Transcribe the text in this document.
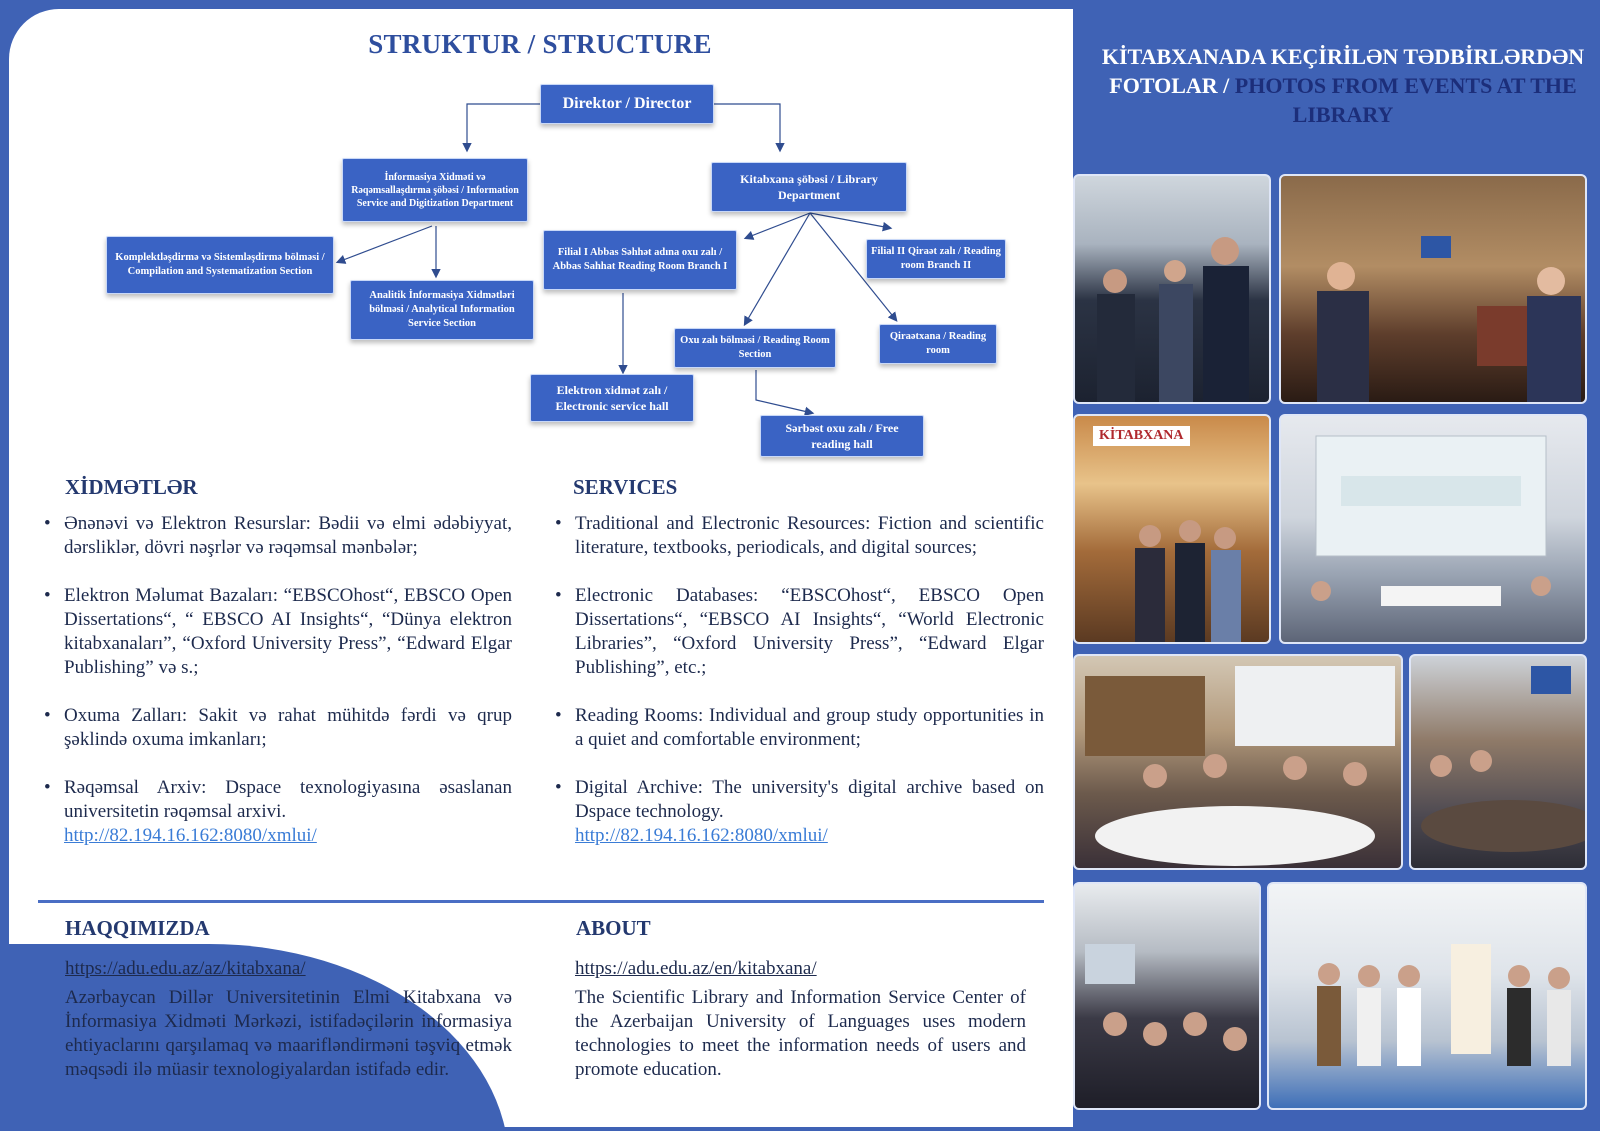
KİTABXANADA KEÇİRİLƏN TƏDBİRLƏRDƏN FOTOLAR / PHOTOS FROM EVENTS AT THE LIBRARY
STRUKTUR / STRUCTURE
Direktor / Director
İnformasiya Xidməti və Rəqəmsallaşdırma şöbəsi / Information Service and Digitization Department
Kitabxana şöbəsi / Library Department
Komplektləşdirmə və Sistemləşdirmə bölməsi / Compilation and Systematization Section
Analitik İnformasiya Xidmətləri bölməsi / Analytical Information Service Section
Filial I Abbas Səhhət adına oxu zalı / Abbas Sahhat Reading Room Branch I
Filial II Qiraət zalı / Reading room Branch II
Oxu zalı bölməsi / Reading Room Section
Qiraətxana / Reading room
Elektron xidmət zalı / Electronic service hall
Sərbəst oxu zalı / Free reading hall
XİDMƏTLƏR
• Ənənəvi və Elektron Resurslar: Bədii və elmi ədəbiyyat, dərsliklər, dövri nəşrlər və rəqəmsal mənbələr;
• Elektron Məlumat Bazaları: “EBSCOhost“, EBSCO Open Dissertations“, “ EBSCO AI Insights“, “Dünya elektron kitabxanaları”, “Oxford University Press”, “Edward Elgar Publishing” və s.;
• Oxuma Zalları: Sakit və rahat mühitdə fərdi və qrup şəklində oxuma imkanları;
• Rəqəmsal Arxiv: Dspace texnologiyasına əsaslanan universitetin rəqəmsal arxivi.
http://82.194.16.162:8080/xmlui/
SERVICES
• Traditional and Electronic Resources: Fiction and scientific literature, textbooks, periodicals, and digital sources;
• Electronic Databases: “EBSCOhost“, EBSCO Open Dissertations“, “EBSCO AI Insights“, “World Electronic Libraries”, “Oxford University Press”, “Edward Elgar Publishing”, etc.;
• Reading Rooms: Individual and group study opportunities in a quiet and comfortable environment;
• Digital Archive: The university's digital archive based on Dspace technology.
http://82.194.16.162:8080/xmlui/
HAQQIMIZDA
https://adu.edu.az/az/kitabxana/
Azərbaycan Dillər Universitetinin Elmi Kitabxana və İnformasiya Xidməti Mərkəzi, istifadəçilərin informasiya ehtiyaclarını qarşılamaq və maarifləndirməni təşviq etmək məqsədi ilə müasir texnologiyalardan istifadə edir.
ABOUT
https://adu.edu.az/en/kitabxana/
The Scientific Library and Information Service Center of the Azerbaijan University of Languages uses modern technologies to meet the information needs of users and promote education.
KİTABXANA
